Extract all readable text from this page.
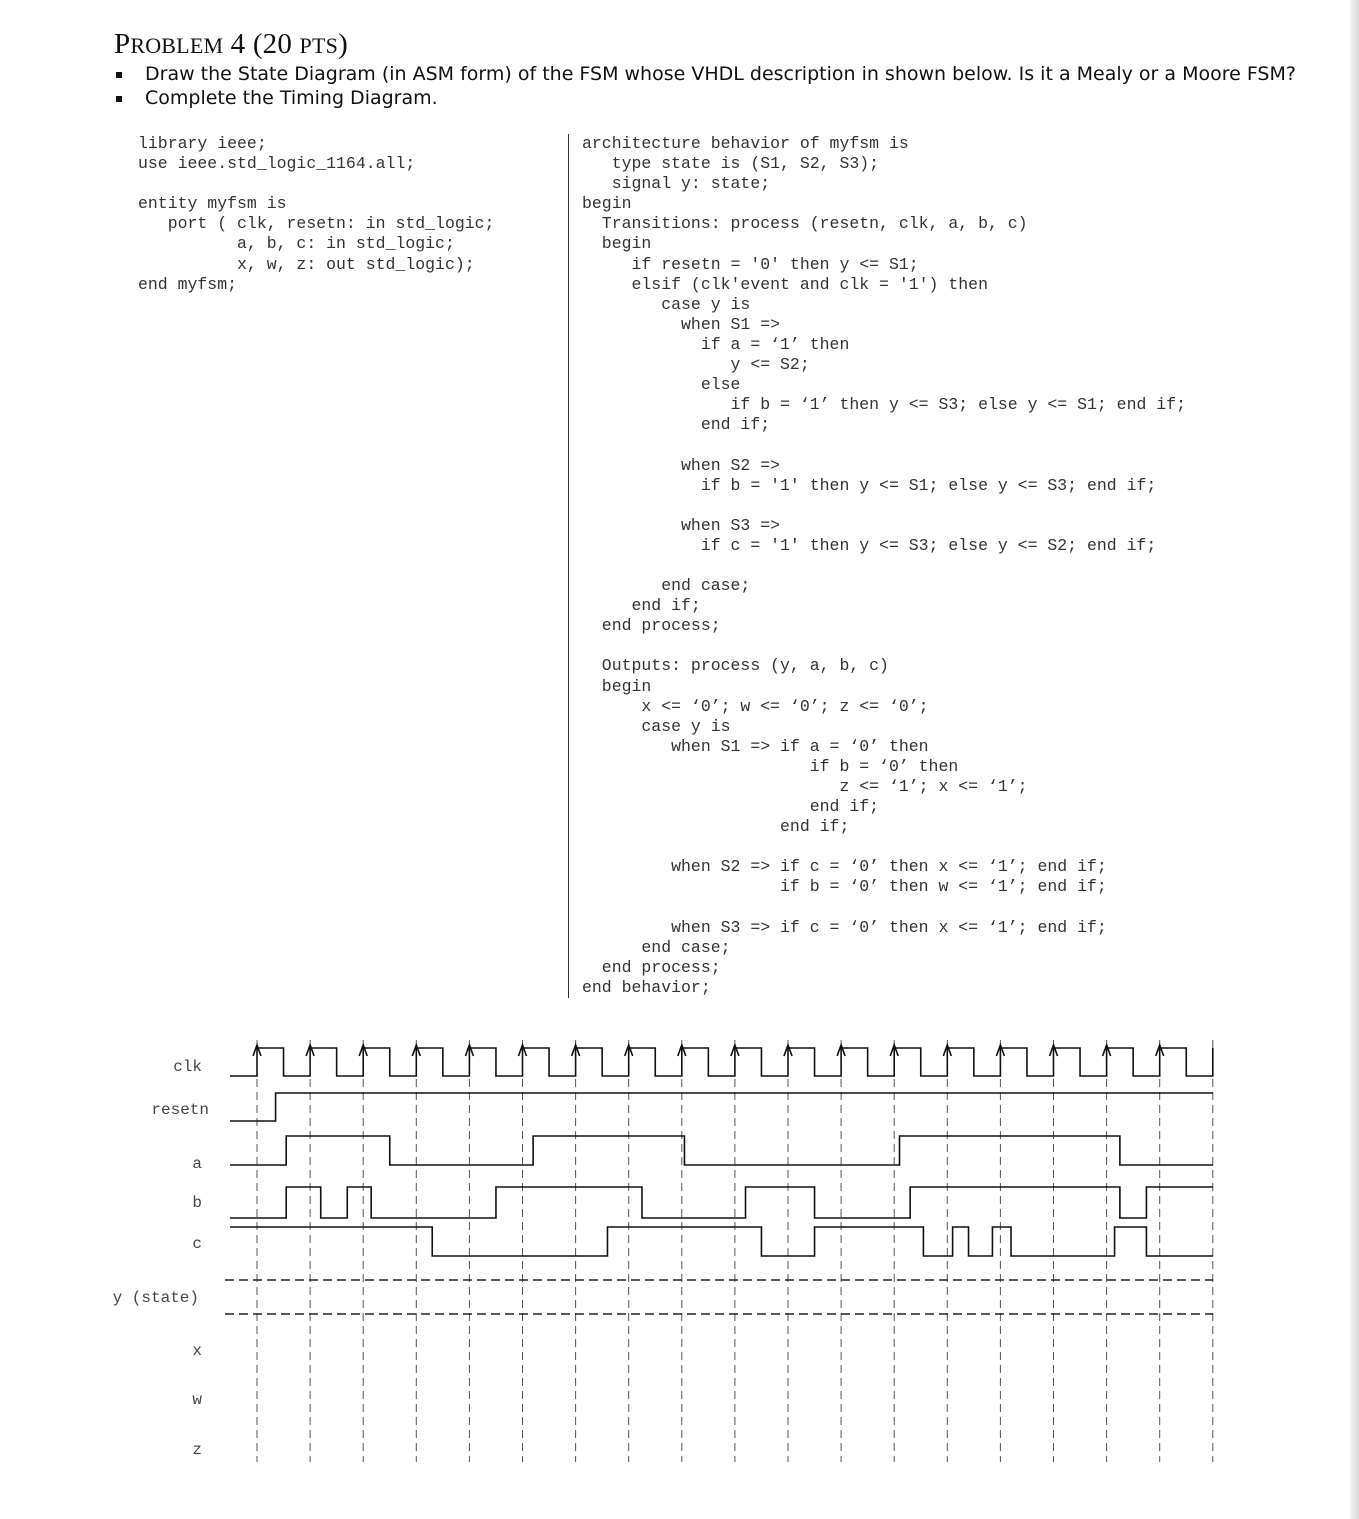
PROBLEM 4 (20 PTS)
Draw the State Diagram (in ASM form) of the FSM whose VHDL description in shown below. Is it a Mealy or a Moore FSM?
Complete the Timing Diagram.
library ieee;
use ieee.std_logic_1164.all;

entity myfsm is
port ( clk, resetn: in std_logic;
a, b, c: in std_logic;
x, w, z: out std_logic);
end myfsm;
architecture behavior of myfsm is
type state is (S1, S2, S3);
signal y: state;
begin
Transitions: process (resetn, clk, a, b, c)
begin
if resetn = '0' then y <= S1;
elsif (clk'event and clk = '1') then
case y is
when S1 =>
if a = ‘1’ then
y <= S2;
else
if b = ‘1’ then y <= S3; else y <= S1; end if;
end if;

when S2 =>
if b = '1' then y <= S1; else y <= S3; end if;

when S3 =>
if c = '1' then y <= S3; else y <= S2; end if;

end case;
end if;
end process;

Outputs: process (y, a, b, c)
begin
x <= ‘0’; w <= ‘0’; z <= ‘0’;
case y is
when S1 => if a = ‘0’ then
if b = ‘0’ then
z <= ‘1’; x <= ‘1’;
end if;
end if;

when S2 => if c = ‘0’ then x <= ‘1’; end if;
if b = ‘0’ then w <= ‘1’; end if;

when S3 => if c = ‘0’ then x <= ‘1’; end if;
end case;
end process;
end behavior;
clk
resetn
a
b
c
y (state)
x
w
z
